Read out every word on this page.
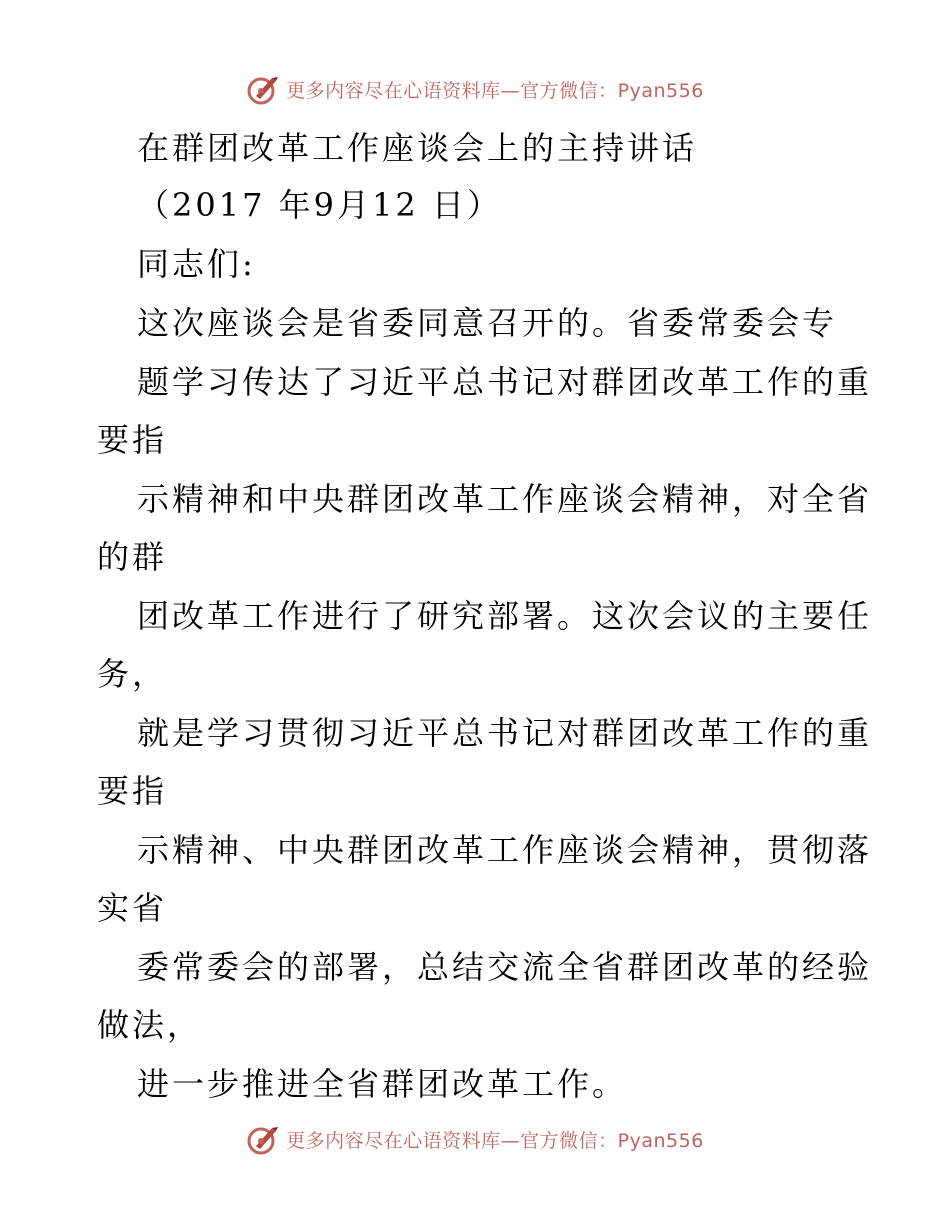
更多内容尽在心语资料库—官方微信：Pyan556
在群团改革工作座谈会上的主持讲话
（2017 年9月12 日）
同志们:
这次座谈会是省委同意召开的。省委常委会专
题学习传达了习近平总书记对群团改革工作的重
要指
示精神和中央群团改革工作座谈会精神，对全省
的群
团改革工作进行了研究部署。这次会议的主要任
务，
就是学习贯彻习近平总书记对群团改革工作的重
要指
示精神、中央群团改革工作座谈会精神，贯彻落
实省
委常委会的部署，总结交流全省群团改革的经验
做法，
进一步推进全省群团改革工作。
更多内容尽在心语资料库—官方微信：Pyan556
